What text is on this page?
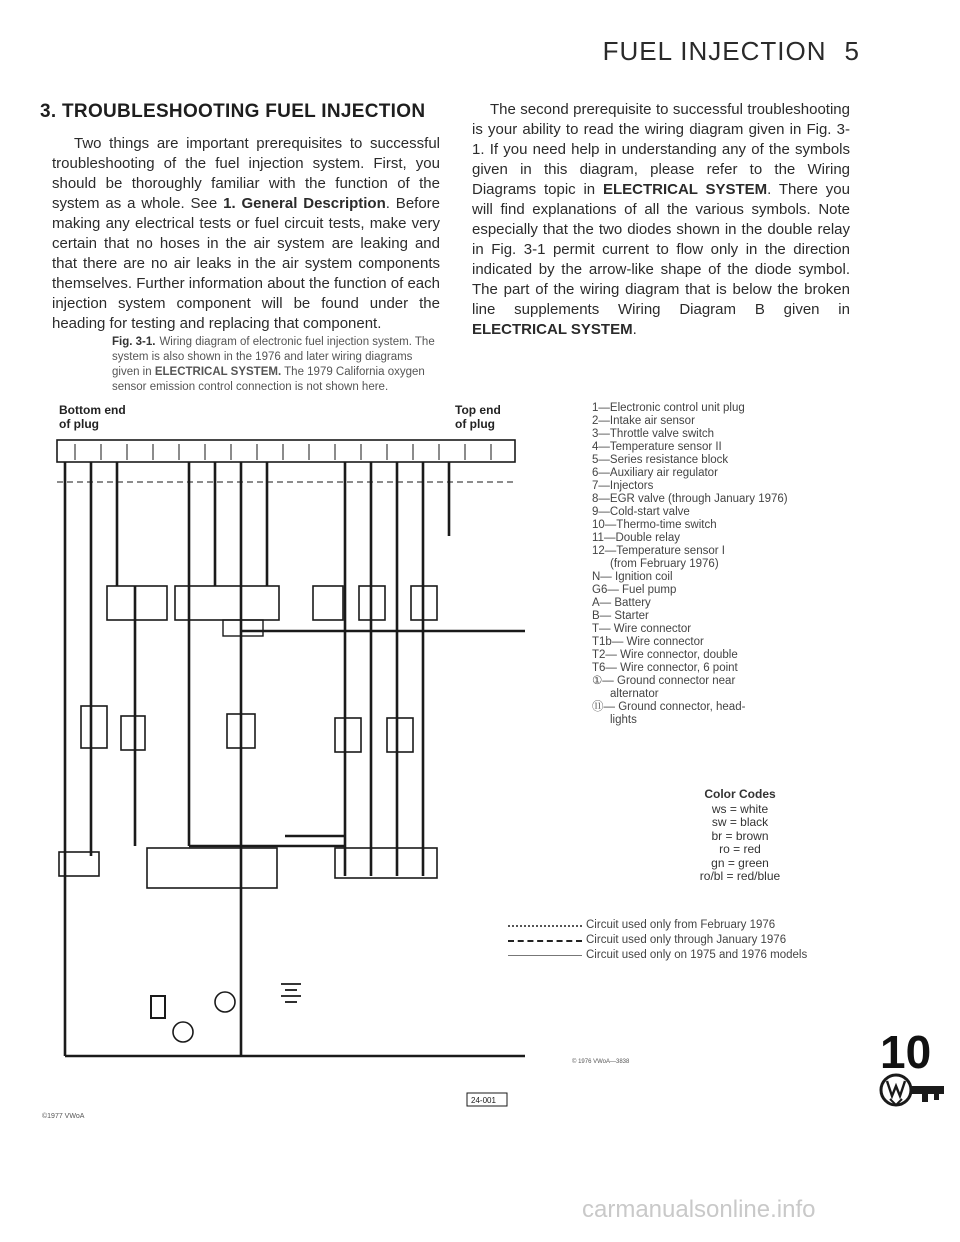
FUEL INJECTION 5
3. TROUBLESHOOTING FUEL INJECTION

Two things are important prerequisites to successful troubleshooting of the fuel injection system. First, you should be thoroughly familiar with the function of the system as a whole. See 1. General Description. Before making any electrical tests or fuel circuit tests, make very certain that no hoses in the air system are leaking and that there are no air leaks in the air system components themselves. Further information about the function of each injection system component will be found under the heading for testing and replacing that component.

The second prerequisite to successful troubleshooting is your ability to read the wiring diagram given in Fig. 3-1. If you need help in understanding any of the symbols given in this diagram, please refer to the Wiring Diagrams topic in ELECTRICAL SYSTEM. There you will find explanations of all the various symbols. Note especially that the two diodes shown in the double relay in Fig. 3-1 permit current to flow only in the direction indicated by the arrow-like shape of the diode symbol. The part of the wiring diagram that is below the broken line supplements Wiring Diagram B given in ELECTRICAL SYSTEM.

Fig. 3-1. Wiring diagram of electronic fuel injection system. The system is also shown in the 1976 and later wiring diagrams given in ELECTRICAL SYSTEM. The 1979 California oxygen sensor emission control connection is not shown here.
Bottom end
of plug
Top end
of plug
24-001
1—Electronic control unit plug
2—Intake air sensor
3—Throttle valve switch
4—Temperature sensor II
5—Series resistance block
6—Auxiliary air regulator
7—Injectors
8—EGR valve (through January 1976)
9—Cold-start valve
10—Thermo-time switch
11—Double relay
12—Temperature sensor I
(from February 1976)
N— Ignition coil
G6— Fuel pump
A— Battery
B— Starter
T— Wire connector
T1b— Wire connector
T2— Wire connector, double
T6— Wire connector, 6 point
①— Ground connector near
alternator
⑪— Ground connector, head-
lights
Color Codes
ws = white
sw = black
br = brown
ro = red
gn = green
ro/bl = red/blue
Circuit used only from February 1976
Circuit used only through January 1976
Circuit used only on 1975 and 1976 models
© 1976 VWoA—3838
©1977 VWoA
10
carmanualsonline.info
